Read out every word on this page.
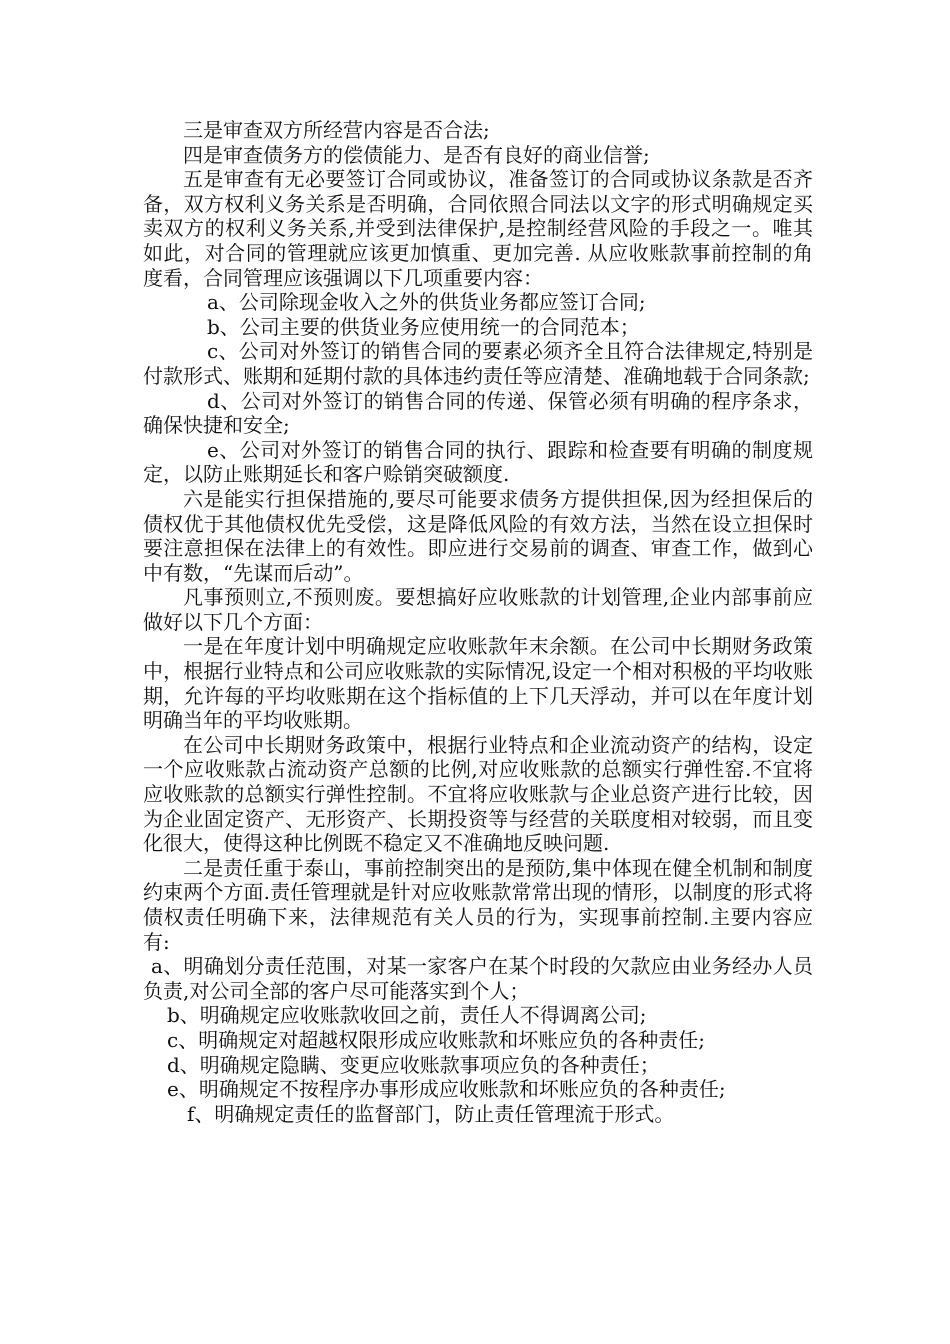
三是审查双方所经营内容是否合法;

四是审查债务方的偿债能力、是否有良好的商业信誉;

五是审查有无必要签订合同或协议，准备签订的合同或协议条款是否齐备，双方权利义务关系是否明确，合同依照合同法以文字的形式明确规定买卖双方的权利义务关系,并受到法律保护,是控制经营风险的手段之一。唯其如此，对合同的管理就应该更加慎重、更加完善. 从应收账款事前控制的角度看，合同管理应该强调以下几项重要内容：

a、公司除现金收入之外的供货业务都应签订合同;

b、公司主要的供货业务应使用统一的合同范本；

c、公司对外签订的销售合同的要素必须齐全且符合法律规定,特别是付款形式、账期和延期付款的具体违约责任等应清楚、准确地载于合同条款;

d、公司对外签订的销售合同的传递、保管必须有明确的程序条求，确保快捷和安全;

e、公司对外签订的销售合同的执行、跟踪和检查要有明确的制度规定，以防止账期延长和客户赊销突破额度.

六是能实行担保措施的,要尽可能要求债务方提供担保,因为经担保后的债权优于其他债权优先受偿，这是降低风险的有效方法，当然在设立担保时要注意担保在法律上的有效性。即应进行交易前的调查、审查工作，做到心中有数，“先谋而后动”。

凡事预则立,不预则废。要想搞好应收账款的计划管理,企业内部事前应做好以下几个方面：

一是在年度计划中明确规定应收账款年末余额。在公司中长期财务政策中，根据行业特点和公司应收账款的实际情况,设定一个相对积极的平均收账期，允许每的平均收账期在这个指标值的上下几天浮动，并可以在年度计划明确当年的平均收账期。

在公司中长期财务政策中，根据行业特点和企业流动资产的结构，设定一个应收账款占流动资产总额的比例,对应收账款的总额实行弹性窑.不宜将应收账款的总额实行弹性控制。不宜将应收账款与企业总资产进行比较，因为企业固定资产、无形资产、长期投资等与经营的关联度相对较弱，而且变化很大，使得这种比例既不稳定又不准确地反映问题.

二是责任重于泰山，事前控制突出的是预防,集中体现在健全机制和制度约束两个方面.责任管理就是针对应收账款常常出现的情形，以制度的形式将债权责任明确下来，法律规范有关人员的行为，实现事前控制.主要内容应有:

a、明确划分责任范围，对某一家客户在某个时段的欠款应由业务经办人员负责,对公司全部的客户尽可能落实到个人；

b、明确规定应收账款收回之前，责任人不得调离公司;

c、明确规定对超越权限形成应收账款和坏账应负的各种责任;

d、明确规定隐瞒、变更应收账款事项应负的各种责任；

e、明确规定不按程序办事形成应收账款和坏账应负的各种责任;

f、明确规定责任的监督部门，防止责任管理流于形式。
